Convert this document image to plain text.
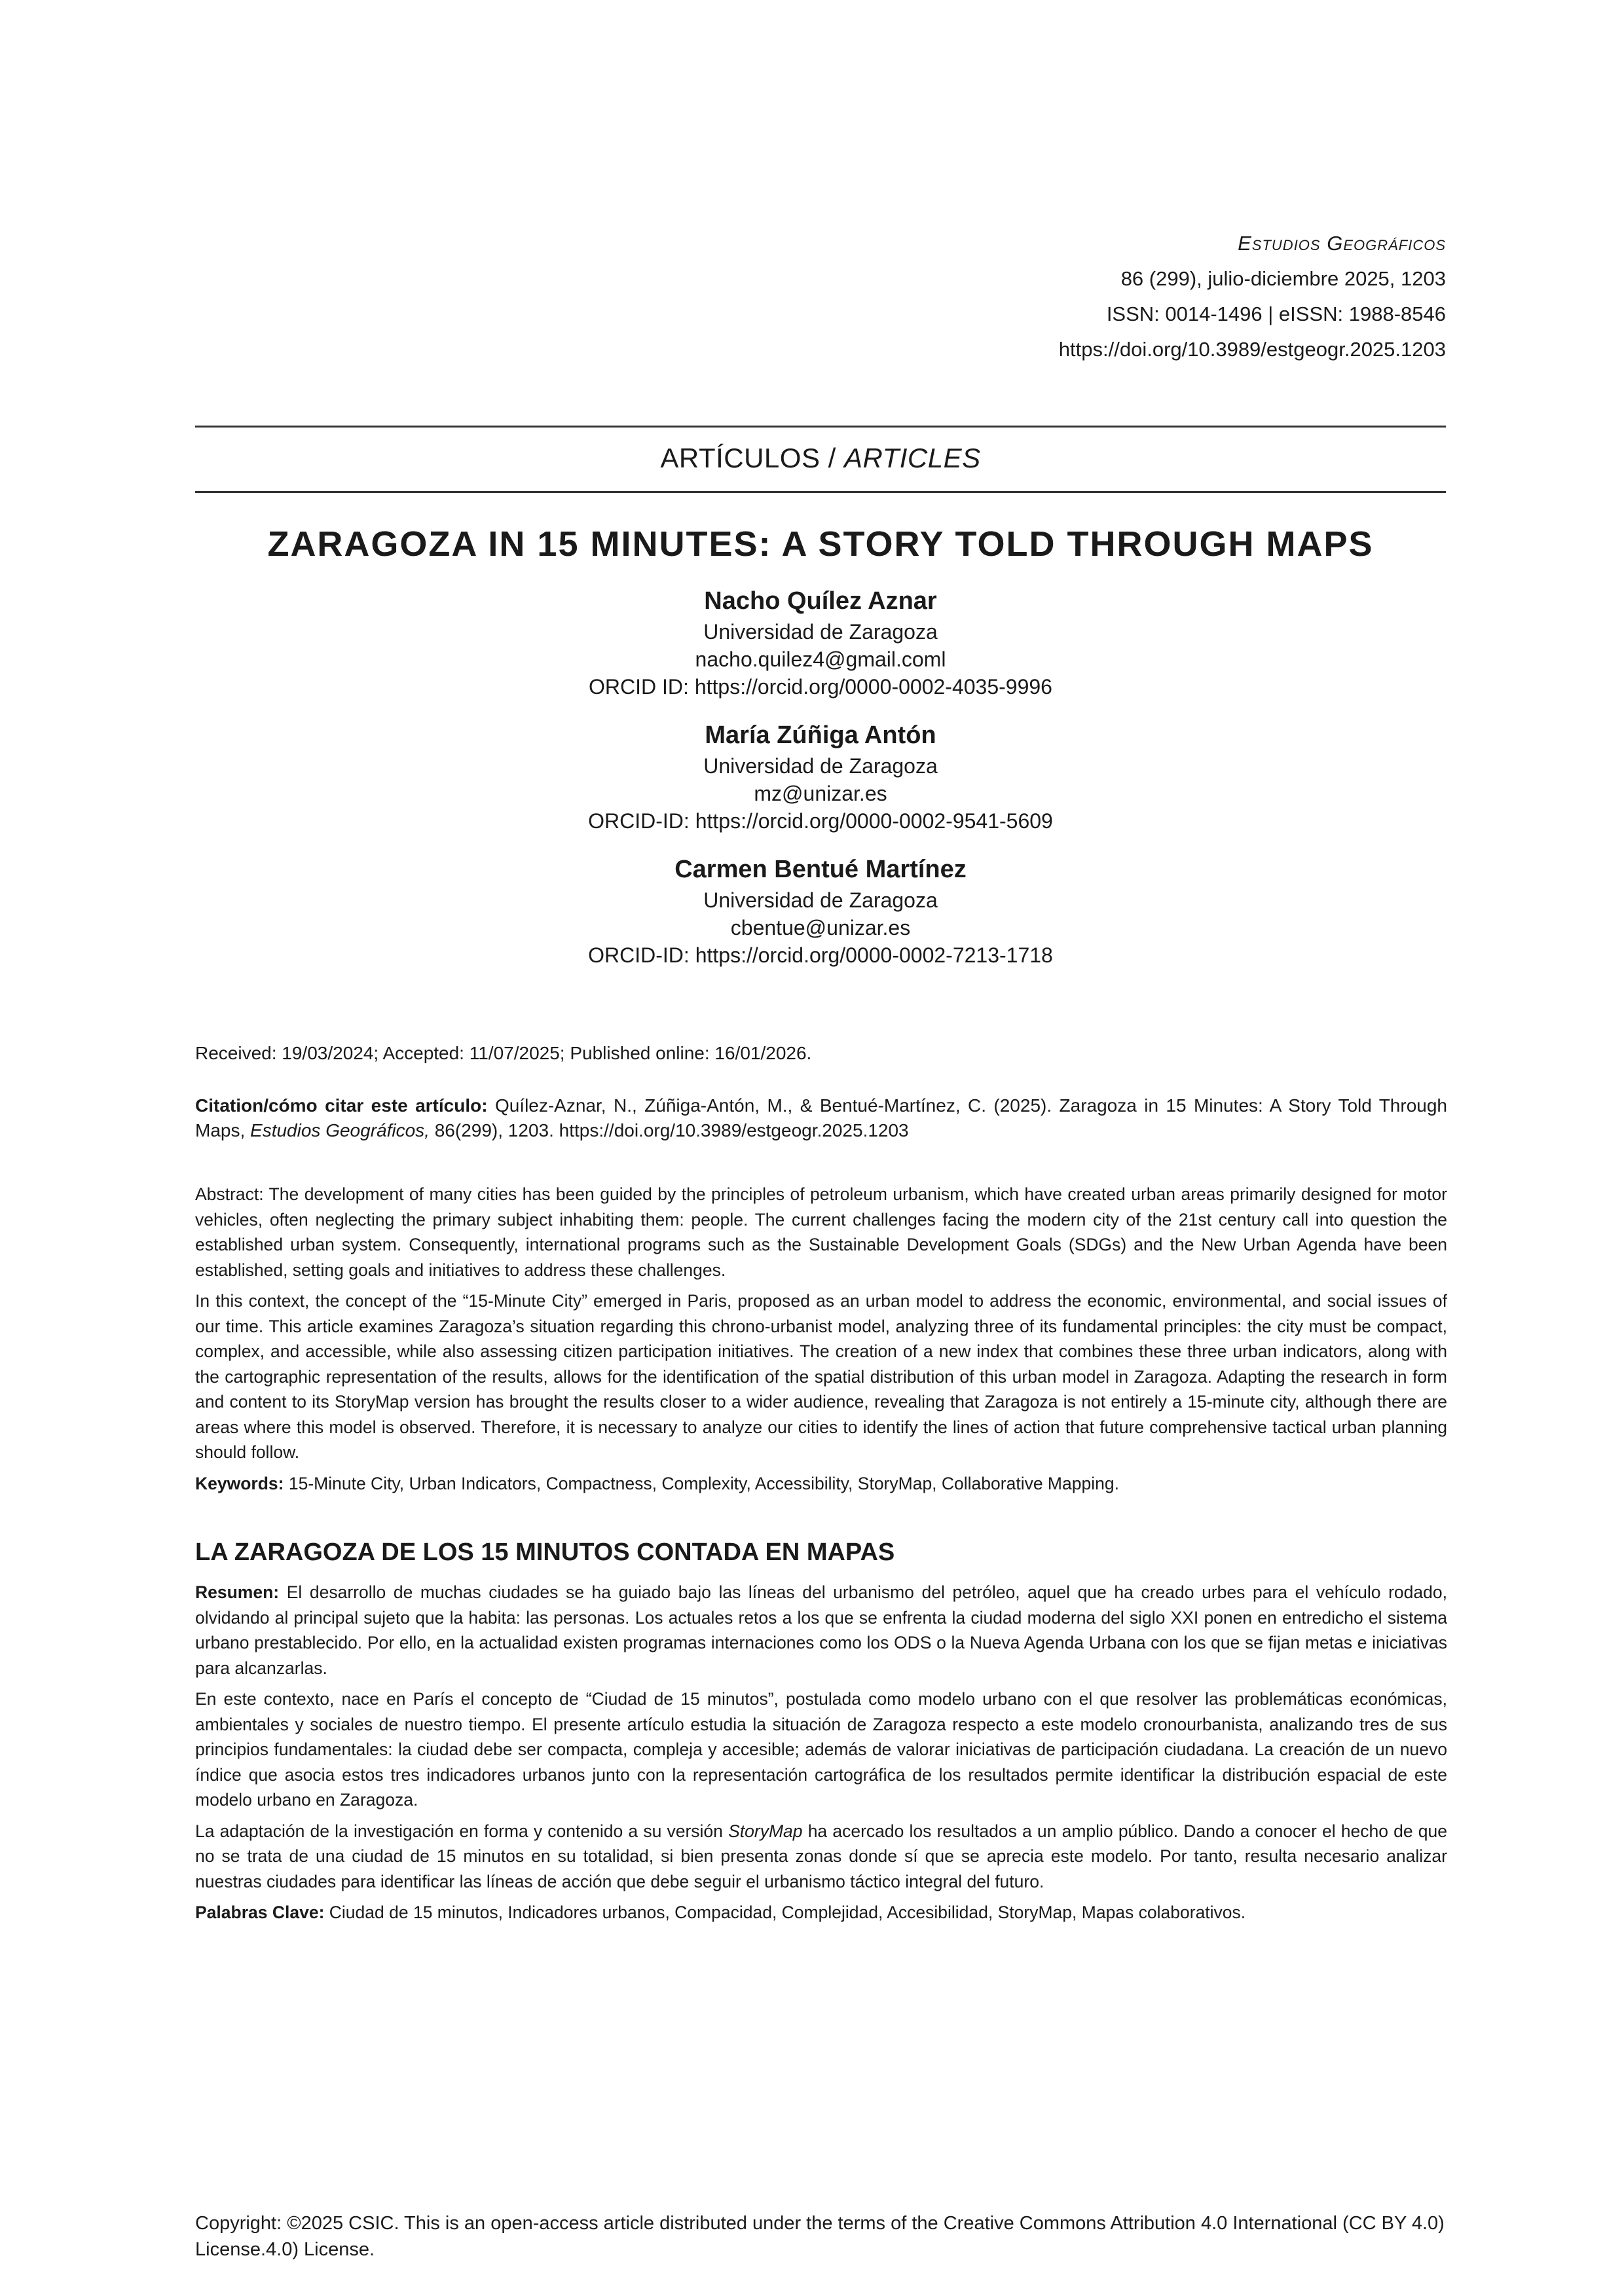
Estudios Geográficos
86 (299), julio-diciembre 2025, 1203
ISSN: 0014-1496 | eISSN: 1988-8546
https://doi.org/10.3989/estgeogr.2025.1203
ARTÍCULOS / ARTICLES
ZARAGOZA IN 15 MINUTES: A STORY TOLD THROUGH MAPS
Nacho Quílez Aznar
Universidad de Zaragoza
nacho.quilez4@gmail.coml
ORCID ID: https://orcid.org/0000-0002-4035-9996
María Zúñiga Antón
Universidad de Zaragoza
mz@unizar.es
ORCID-ID: https://orcid.org/0000-0002-9541-5609
Carmen Bentué Martínez
Universidad de Zaragoza
cbentue@unizar.es
ORCID-ID: https://orcid.org/0000-0002-7213-1718

Received: 19/03/2024; Accepted: 11/07/2025; Published online: 16/01/2026.

Citation/cómo citar este artículo: Quílez-Aznar, N., Zúñiga-Antón, M., & Bentué-Martínez, C. (2025). Zaragoza in 15 Minutes: A Story Told Through Maps, Estudios Geográficos, 86(299), 1203. https://doi.org/10.3989/estgeogr.2025.1203

Abstract: The development of many cities has been guided by the principles of petroleum urbanism, which have created urban areas primarily designed for motor vehicles, often neglecting the primary subject inhabiting them: people. The current challenges facing the modern city of the 21st century call into question the established urban system. Consequently, international programs such as the Sustainable Development Goals (SDGs) and the New Urban Agenda have been established, setting goals and initiatives to address these challenges.

In this context, the concept of the “15-Minute City” emerged in Paris, proposed as an urban model to address the economic, environmental, and social issues of our time. This article examines Zaragoza’s situation regarding this chrono-urbanist model, analyzing three of its fundamental principles: the city must be compact, complex, and accessible, while also assessing citizen participation initiatives. The creation of a new index that combines these three urban indicators, along with the cartographic representation of the results, allows for the identification of the spatial distribution of this urban model in Zaragoza. Adapting the research in form and content to its StoryMap version has brought the results closer to a wider audience, revealing that Zaragoza is not entirely a 15-minute city, although there are areas where this model is observed. Therefore, it is necessary to analyze our cities to identify the lines of action that future comprehensive tactical urban planning should follow.

Keywords: 15-Minute City, Urban Indicators, Compactness, Complexity, Accessibility, StoryMap, Collaborative Mapping.

LA ZARAGOZA DE LOS 15 MINUTOS CONTADA EN MAPAS

Resumen: El desarrollo de muchas ciudades se ha guiado bajo las líneas del urbanismo del petróleo, aquel que ha creado urbes para el vehículo rodado, olvidando al principal sujeto que la habita: las personas. Los actuales retos a los que se enfrenta la ciudad moderna del siglo XXI ponen en entredicho el sistema urbano prestablecido. Por ello, en la actualidad existen programas internaciones como los ODS o la Nueva Agenda Urbana con los que se fijan metas e iniciativas para alcanzarlas.

En este contexto, nace en París el concepto de “Ciudad de 15 minutos”, postulada como modelo urbano con el que resolver las problemáticas económicas, ambientales y sociales de nuestro tiempo. El presente artículo estudia la situación de Zaragoza respecto a este modelo cronourbanista, analizando tres de sus principios fundamentales: la ciudad debe ser compacta, compleja y accesible; además de valorar iniciativas de participación ciudadana. La creación de un nuevo índice que asocia estos tres indicadores urbanos junto con la representación cartográfica de los resultados permite identificar la distribución espacial de este modelo urbano en Zaragoza.

La adaptación de la investigación en forma y contenido a su versión StoryMap ha acercado los resultados a un amplio público. Dando a conocer el hecho de que no se trata de una ciudad de 15 minutos en su totalidad, si bien presenta zonas donde sí que se aprecia este modelo. Por tanto, resulta necesario analizar nuestras ciudades para identificar las líneas de acción que debe seguir el urbanismo táctico integral del futuro.

Palabras Clave: Ciudad de 15 minutos, Indicadores urbanos, Compacidad, Complejidad, Accesibilidad, StoryMap, Mapas colaborativos.

Copyright: ©2025 CSIC. This is an open-access article distributed under the terms of the Creative Commons Attribution 4.0 International (CC BY 4.0) License.4.0) License.
